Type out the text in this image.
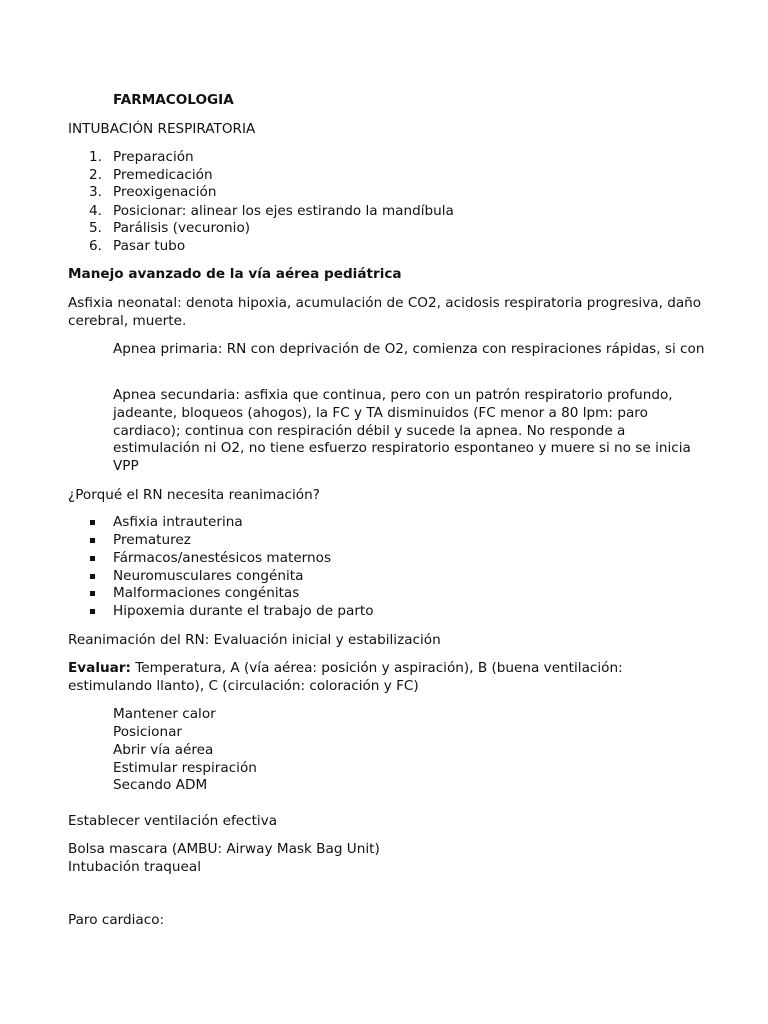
FARMACOLOGIA
INTUBACIÓN RESPIRATORIA
1. Preparación
2. Premedicación
3. Preoxigenación
4. Posicionar: alinear los ejes estirando la mandíbula
5. Parálisis (vecuronio)
6. Pasar tubo
Manejo avanzado de la vía aérea pediátrica
Asfixia neonatal: denota hipoxia, acumulación de CO2, acidosis respiratoria progresiva, daño cerebral, muerte.
Apnea primaria: RN con deprivación de O2, comienza con respiraciones rápidas, si con
Apnea secundaria: asfixia que continua, pero con un patrón respiratorio profundo, jadeante, bloqueos (ahogos), la FC y TA disminuidos (FC menor a 80 lpm: paro cardiaco); continua con respiración débil y sucede la apnea. No responde a estimulación ni O2, no tiene esfuerzo respiratorio espontaneo y muere si no se inicia VPP
¿Porqué el RN necesita reanimación?
Asfixia intrauterina
Prematurez
Fármacos/anestésicos maternos
Neuromusculares congénita
Malformaciones congénitas
Hipoxemia durante el trabajo de parto
Reanimación del RN: Evaluación inicial y estabilización
Evaluar: Temperatura, A (vía aérea: posición y aspiración), B (buena ventilación: estimulando llanto), C (circulación: coloración y FC)
Mantener calor
Posicionar
Abrir vía aérea
Estimular respiración
Secando ADM
Establecer ventilación efectiva
Bolsa mascara (AMBU: Airway Mask Bag Unit)
Intubación traqueal
Paro cardiaco:
